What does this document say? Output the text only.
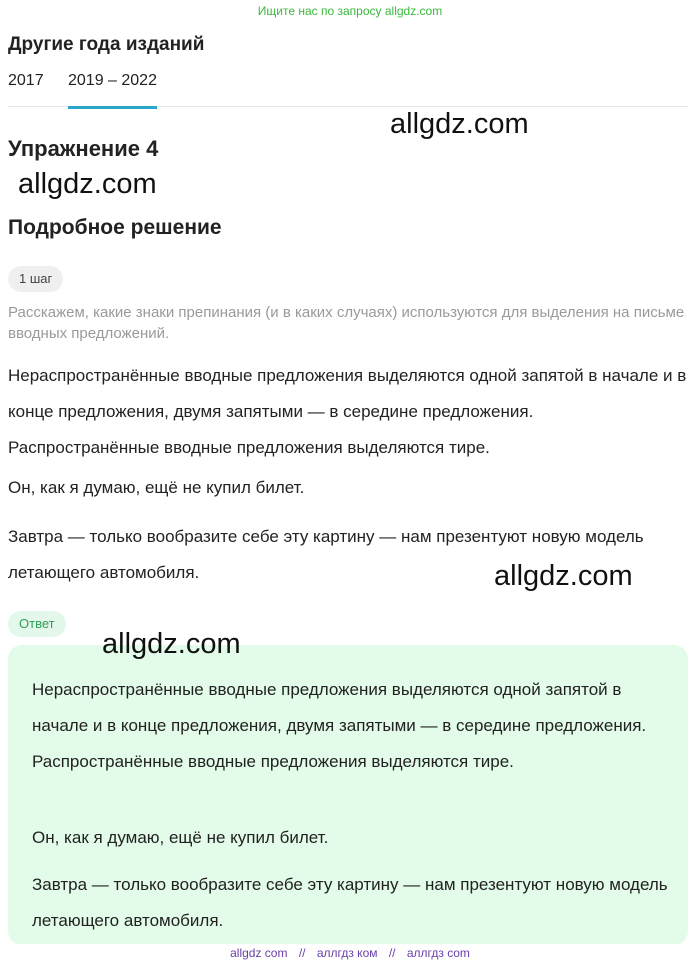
Ищите нас по запросу allgdz.com
Другие года изданий
2017 2019 – 2022
allgdz.com
Упражнение 4
allgdz.com
Подробное решение
1 шаг
Расскажем, какие знаки препинания (и в каких случаях) используются для выделения на письме вводных предложений.
Нераспространённые вводные предложения выделяются одной запятой в начале и в конце предложения, двумя запятыми — в середине предложения. Распространённые вводные предложения выделяются тире.
Он, как я думаю, ещё не купил билет.
Завтра — только вообразите себе эту картину — нам презентуют новую модель летающего автомобиля.	allgdz.com
Ответ
Нераспространённые вводные предложения выделяются одной запятой в начале и в конце предложения, двумя запятыми — в середине предложения. Распространённые вводные предложения выделяются тире.
Он, как я думаю, ещё не купил билет.
Завтра — только вообразите себе эту картину — нам презентуют новую модель летающего автомобиля.
allgdz.com
allgdz com // аллгдз ком // аллгдз com
